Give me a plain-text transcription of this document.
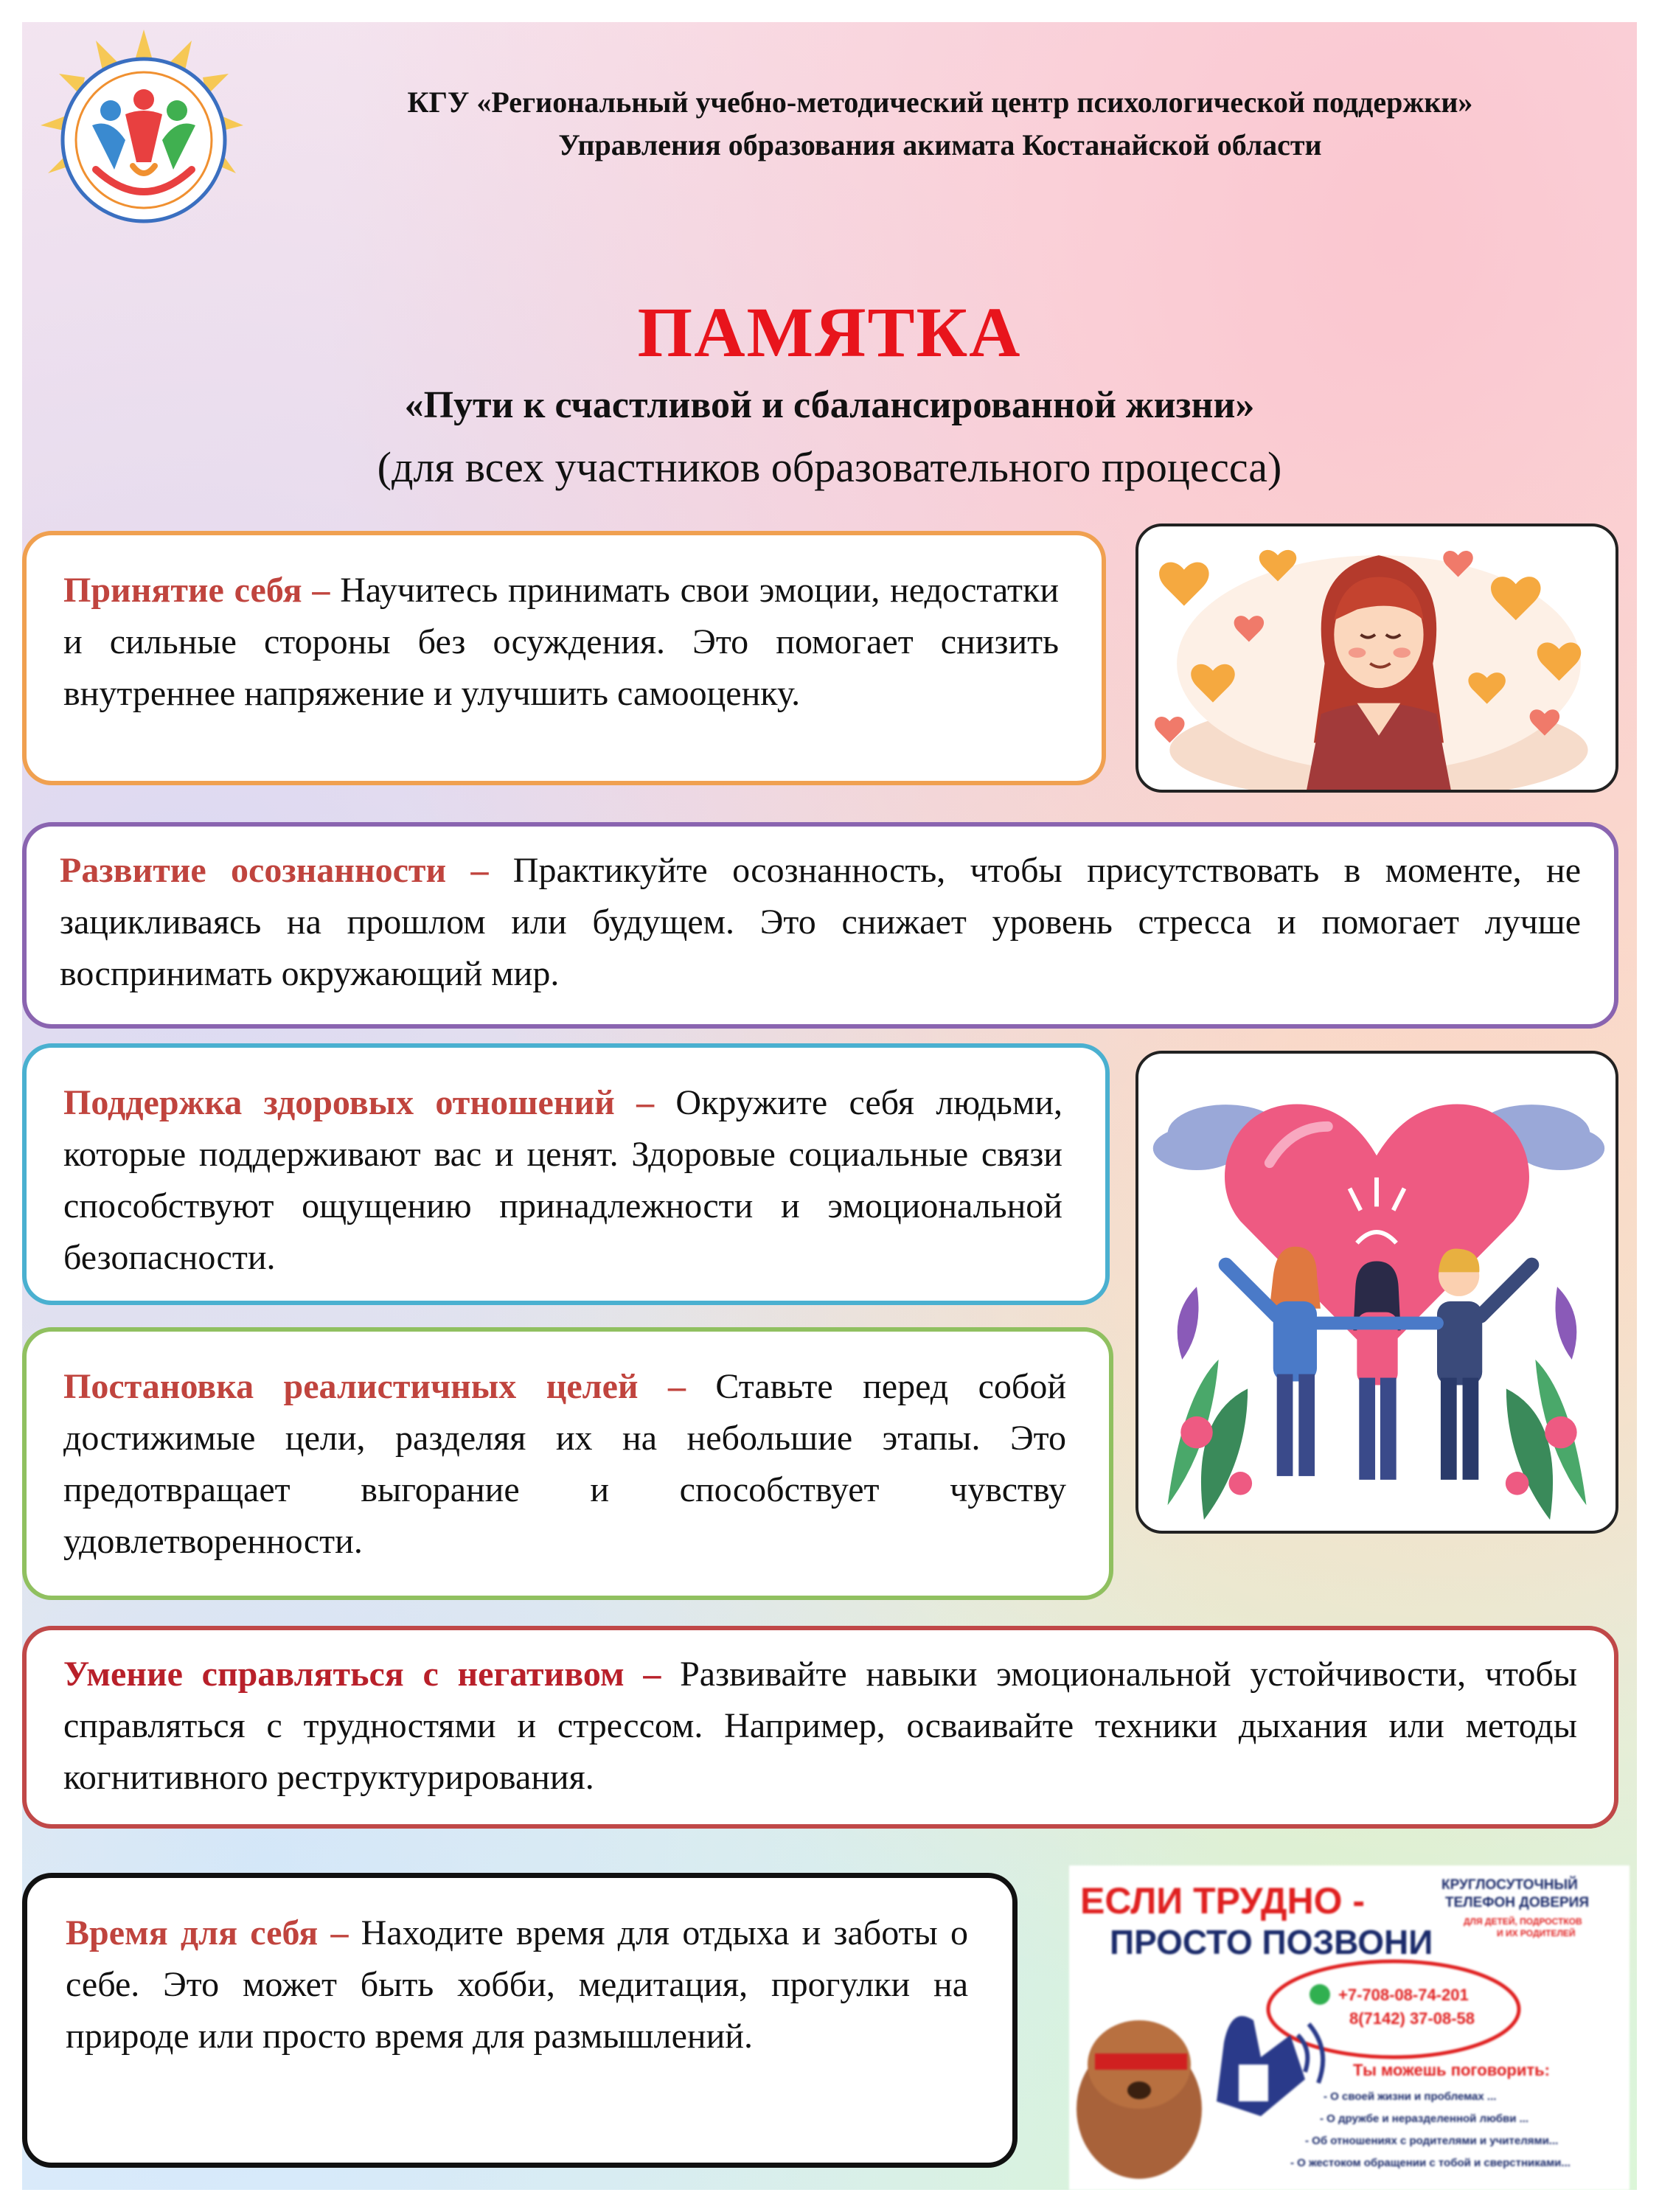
КГУ «Региональный учебно-методический центр психологической поддержки»
Управления образования акимата Костанайской области
ПАМЯТКА
«Пути к счастливой и сбалансированной жизни»
(для всех участников образовательного процесса)
Принятие себя – Научитесь принимать свои эмоции, недостатки и сильные стороны без осуждения. Это помогает снизить внутреннее напряжение и улучшить самооценку.
Развитие осознанности – Практикуйте осознанность, чтобы присутствовать в моменте, не зацикливаясь на прошлом или будущем. Это снижает уровень стресса и помогает лучше воспринимать окружающий мир.
Поддержка здоровых отношений – Окружите себя людьми, которые поддерживают вас и ценят. Здоровые социальные связи способствуют ощущению принадлежности и эмоциональной безопасности.
Постановка реалистичных целей – Ставьте перед собой достижимые цели, разделяя их на небольшие этапы. Это предотвращает выгорание и способствует чувству удовлетворенности.
Умение справляться с негативом – Развивайте навыки эмоциональной устойчивости, чтобы справляться с трудностями и стрессом. Например, осваивайте техники дыхания или методы когнитивного реструктурирования.
Время для себя – Находите время для отдыха и заботы о себе. Это может быть хобби, медитация, прогулки на природе или просто время для размышлений.
ЕСЛИ ТРУДНО -
ПРОСТО ПОЗВОНИ
КРУГЛОСУТОЧНЫЙ
ТЕЛЕФОН ДОВЕРИЯ
ДЛЯ ДЕТЕЙ, ПОДРОСТКОВ
И ИХ РОДИТЕЛЕЙ
+7-708-08-74-201
8(7142) 37-08-58
Ты можешь поговорить:
- О своей жизни и проблемах ...
- О дружбе и неразделенной любви ...
- Об отношениях с родителями и учителями...
- О жестоком обращении с тобой и сверстниками...
